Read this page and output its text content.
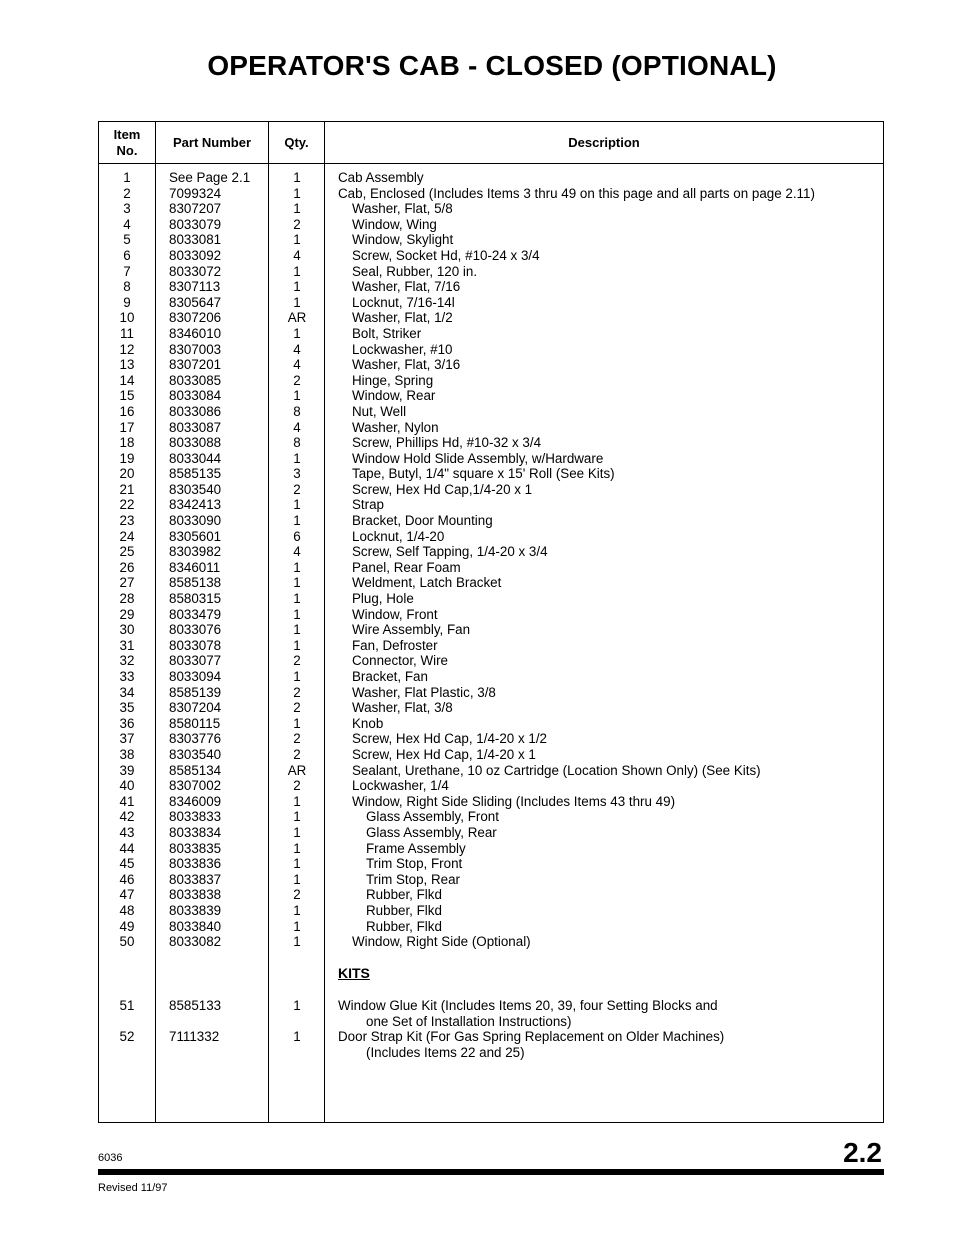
OPERATOR'S CAB - CLOSED (OPTIONAL)
Item
No.
Part Number	Qty.	Description
1	See Page 2.1	1	Cab Assembly
2	7099324	1	Cab, Enclosed (Includes Items 3 thru 49 on this page and all parts on page 2.11)
3	8307207	1	Washer, Flat, 5/8
4	8033079	2	Window, Wing
5	8033081	1	Window, Skylight
6	8033092	4	Screw, Socket Hd, #10-24 x 3/4
7	8033072	1	Seal, Rubber, 120 in.
8	8307113	1	Washer, Flat, 7/16
9	8305647	1	Locknut, 7/16-14l
10	8307206	AR	Washer, Flat, 1/2
11	8346010	1	Bolt, Striker
12	8307003	4	Lockwasher, #10
13	8307201	4	Washer, Flat, 3/16
14	8033085	2	Hinge, Spring
15	8033084	1	Window, Rear
16	8033086	8	Nut, Well
17	8033087	4	Washer, Nylon
18	8033088	8	Screw, Phillips Hd, #10-32 x 3/4
19	8033044	1	Window Hold Slide Assembly, w/Hardware
20	8585135	3	Tape, Butyl, 1/4" square x 15' Roll (See Kits)
21	8303540	2	Screw, Hex Hd Cap,1/4-20 x 1
22	8342413	1	Strap
23	8033090	1	Bracket, Door Mounting
24	8305601	6	Locknut, 1/4-20
25	8303982	4	Screw, Self Tapping, 1/4-20 x 3/4
26	8346011	1	Panel, Rear Foam
27	8585138	1	Weldment, Latch Bracket
28	8580315	1	Plug, Hole
29	8033479	1	Window, Front
30	8033076	1	Wire Assembly, Fan
31	8033078	1	Fan, Defroster
32	8033077	2	Connector, Wire
33	8033094	1	Bracket, Fan
34	8585139	2	Washer, Flat Plastic, 3/8
35	8307204	2	Washer, Flat, 3/8
36	8580115	1	Knob
37	8303776	2	Screw, Hex Hd Cap, 1/4-20 x 1/2
38	8303540	2	Screw, Hex Hd Cap, 1/4-20 x 1
39	8585134	AR	Sealant, Urethane, 10 oz Cartridge (Location Shown Only) (See Kits)
40	8307002	2	Lockwasher, 1/4
41	8346009	1	Window, Right Side Sliding (Includes Items 43 thru 49)
42	8033833	1	Glass Assembly, Front
43	8033834	1	Glass Assembly, Rear
44	8033835	1	Frame Assembly
45	8033836	1	Trim Stop, Front
46	8033837	1	Trim Stop, Rear
47	8033838	2	Rubber, Flkd
48	8033839	1	Rubber, Flkd
49	8033840	1	Rubber, Flkd
50	8033082	1	Window, Right Side (Optional)
KITS
51	8585133	1	Window Glue Kit (Includes Items 20, 39, four Setting Blocks and
one Set of Installation Instructions)
52	7111332	1	Door Strap Kit (For Gas Spring Replacement on Older Machines)
(Includes Items 22 and 25)
6036	2.2
Revised 11/97
